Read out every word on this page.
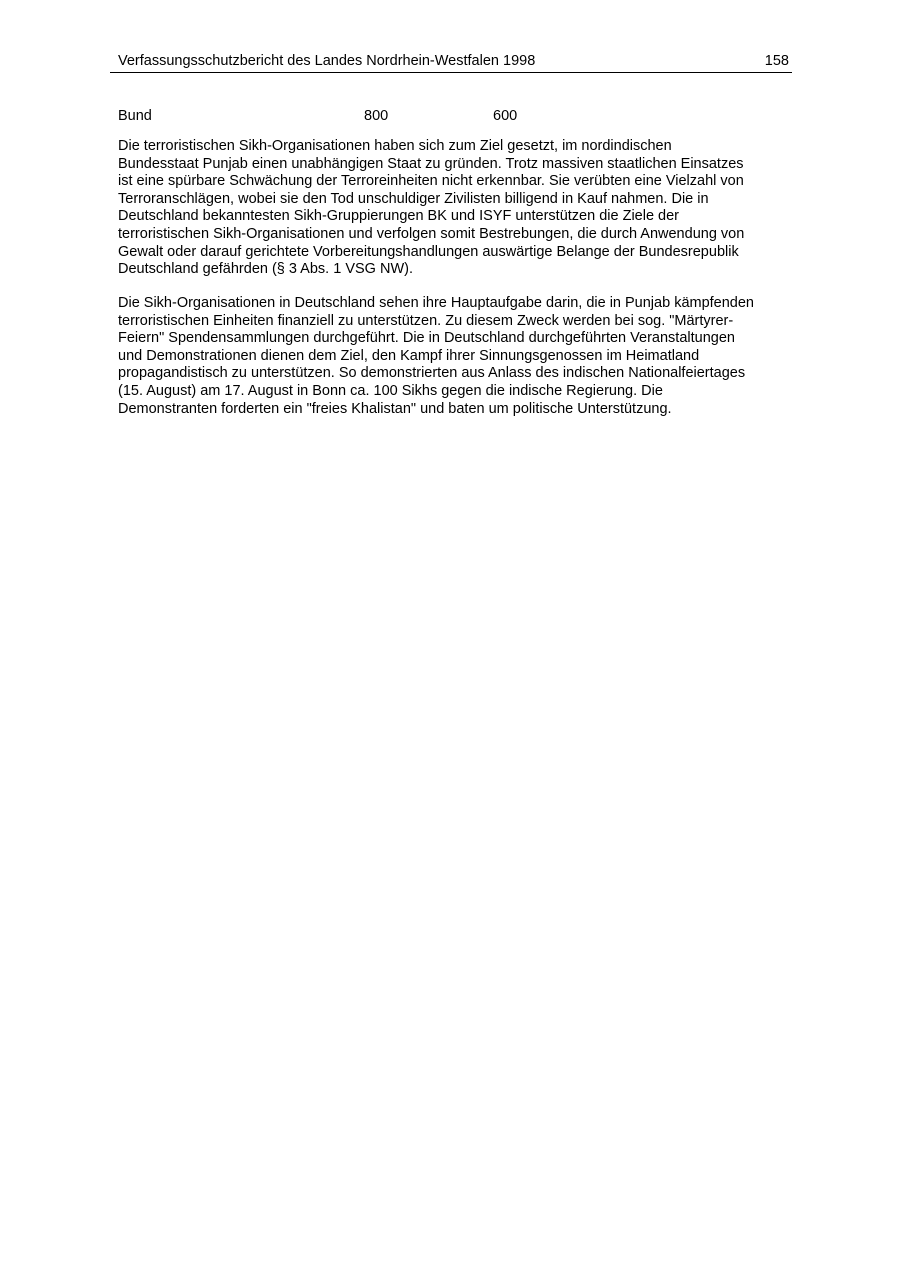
Verfassungsschutzbericht des Landes Nordrhein-Westfalen 1998	158
Bund	800	600

Die terroristischen Sikh-Organisationen haben sich zum Ziel gesetzt, im nordindischen
Bundesstaat Punjab einen unabhängigen Staat zu gründen. Trotz massiven staatlichen Einsatzes
ist eine spürbare Schwächung der Terroreinheiten nicht erkennbar. Sie verübten eine Vielzahl von
Terroranschlägen, wobei sie den Tod unschuldiger Zivilisten billigend in Kauf nahmen. Die in
Deutschland bekanntesten Sikh-Gruppierungen BK und ISYF unterstützen die Ziele der
terroristischen Sikh-Organisationen und verfolgen somit Bestrebungen, die durch Anwendung von
Gewalt oder darauf gerichtete Vorbereitungshandlungen auswärtige Belange der Bundesrepublik
Deutschland gefährden (§ 3 Abs. 1 VSG NW).

Die Sikh-Organisationen in Deutschland sehen ihre Hauptaufgabe darin, die in Punjab kämpfenden
terroristischen Einheiten finanziell zu unterstützen. Zu diesem Zweck werden bei sog. "Märtyrer-
Feiern" Spendensammlungen durchgeführt. Die in Deutschland durchgeführten Veranstaltungen
und Demonstrationen dienen dem Ziel, den Kampf ihrer Sinnungsgenossen im Heimatland
propagandistisch zu unterstützen. So demonstrierten aus Anlass des indischen Nationalfeiertages
(15. August) am 17. August in Bonn ca. 100 Sikhs gegen die indische Regierung. Die
Demonstranten forderten ein "freies Khalistan" und baten um politische Unterstützung.
